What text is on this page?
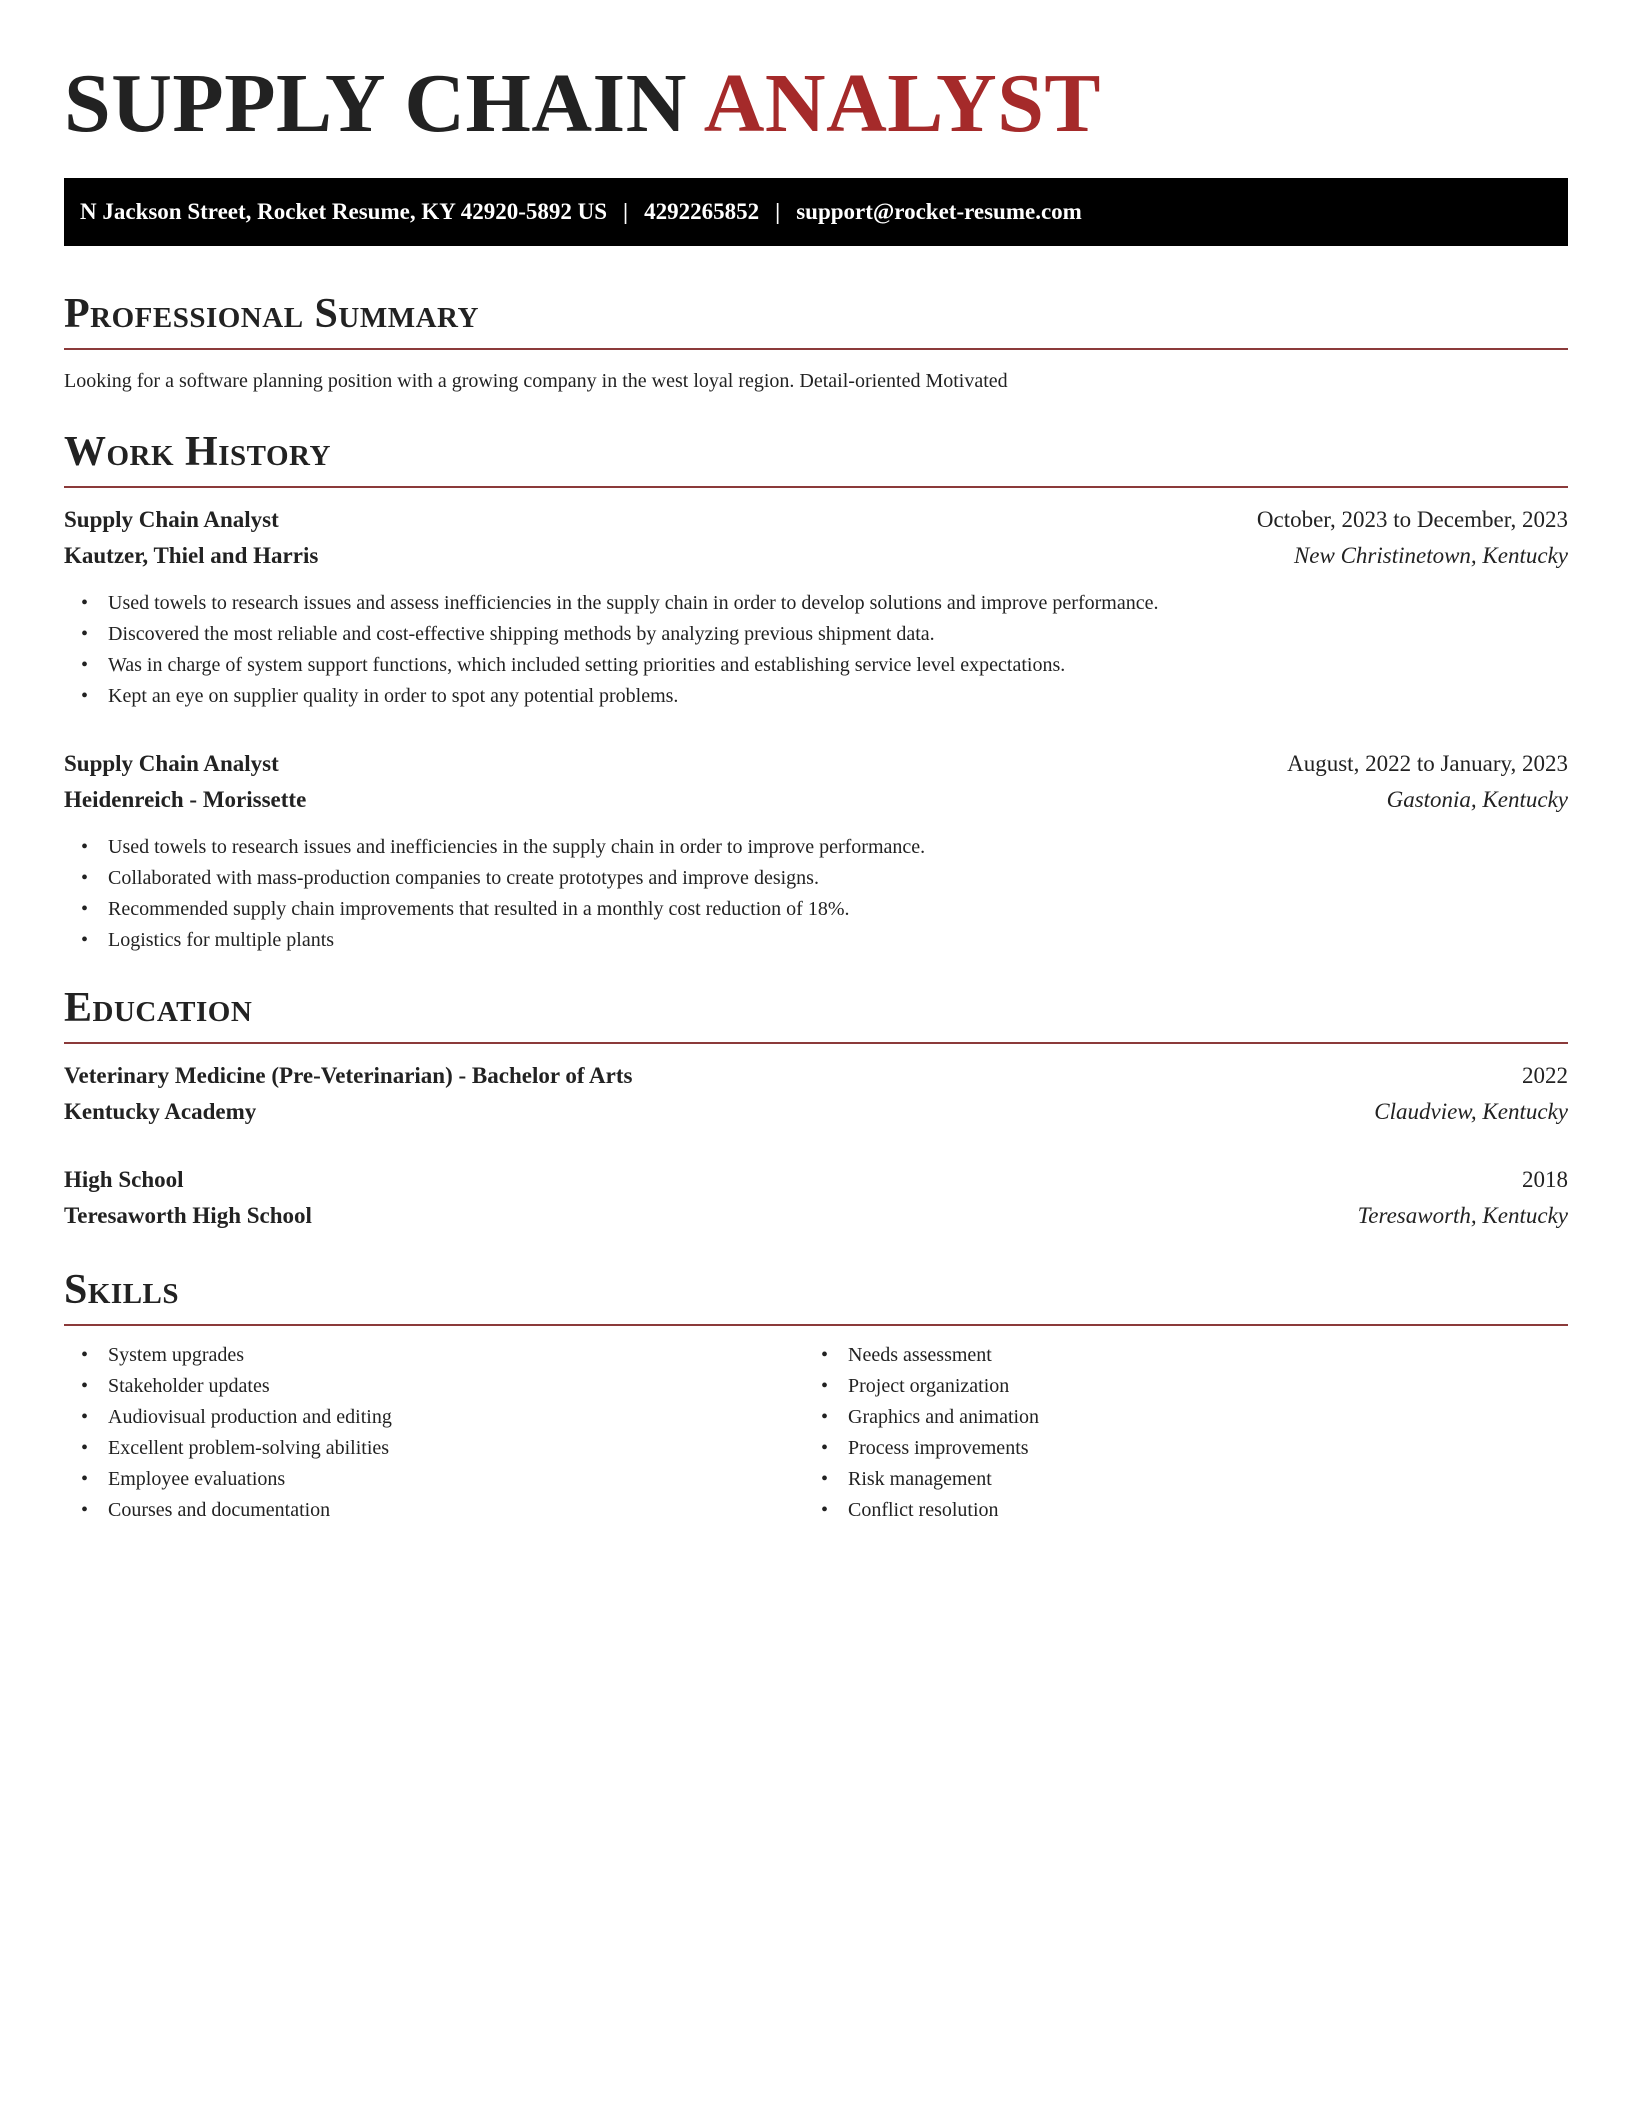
SUPPLY CHAIN ANALYST
N Jackson Street, Rocket Resume, KY 42920-5892 US | 4292265852 | support@rocket-resume.com
Professional Summary
Looking for a software planning position with a growing company in the west loyal region. Detail-oriented Motivated
Work History
Supply Chain Analyst	October, 2023 to December, 2023
Kautzer, Thiel and Harris	New Christinetown, Kentucky
• Used towels to research issues and assess inefficiencies in the supply chain in order to develop solutions and improve performance.
• Discovered the most reliable and cost-effective shipping methods by analyzing previous shipment data.
• Was in charge of system support functions, which included setting priorities and establishing service level expectations.
• Kept an eye on supplier quality in order to spot any potential problems.
Supply Chain Analyst	August, 2022 to January, 2023
Heidenreich - Morissette	Gastonia, Kentucky
• Used towels to research issues and inefficiencies in the supply chain in order to improve performance.
• Collaborated with mass-production companies to create prototypes and improve designs.
• Recommended supply chain improvements that resulted in a monthly cost reduction of 18%.
• Logistics for multiple plants
Education
Veterinary Medicine (Pre-Veterinarian) - Bachelor of Arts	2022
Kentucky Academy	Claudview, Kentucky
High School	2018
Teresaworth High School	Teresaworth, Kentucky
Skills
• System upgrades
• Stakeholder updates
• Audiovisual production and editing
• Excellent problem-solving abilities
• Employee evaluations
• Courses and documentation
• Needs assessment
• Project organization
• Graphics and animation
• Process improvements
• Risk management
• Conflict resolution
